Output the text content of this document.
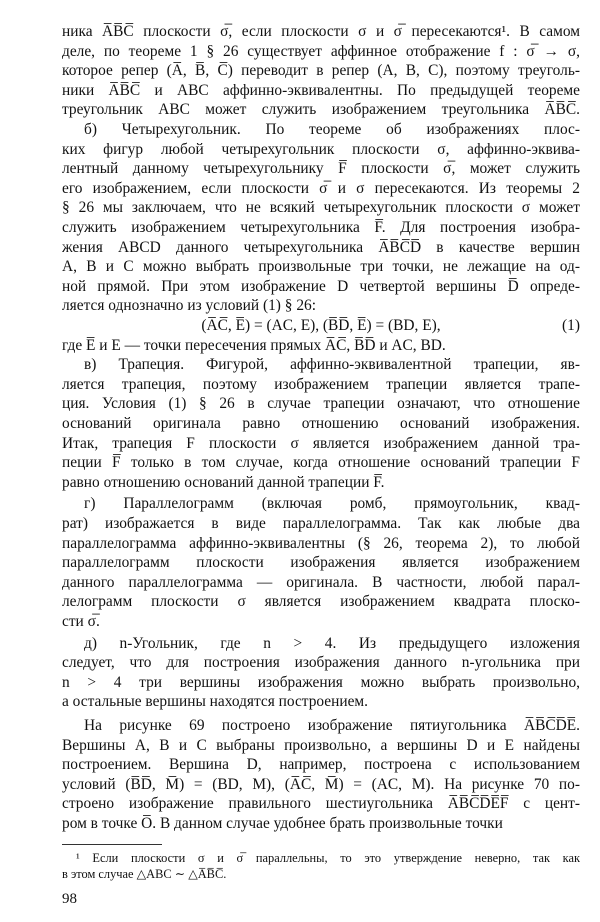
ника A̅B̅C̅ плоскости σ̅, если плоскости σ и σ̅ пересекаются¹. В самом
деле, по теореме 1 § 26 существует аффинное отображение f : σ̅ → σ,
которое репер (A̅, B̅, C̅) переводит в репер (A, B, C), поэтому треуголь-
ники A̅B̅C̅ и ABC аффинно-эквивалентны. По предыдущей теореме
треугольник ABC может служить изображением треугольника A̅B̅C̅.
б) Четырехугольник. По теореме об изображениях плос-
ких фигур любой четырехугольник плоскости σ, аффинно-эквива-
лентный данному четырехугольнику F̅ плоскости σ̅, может служить
его изображением, если плоскости σ̅ и σ пересекаются. Из теоремы 2
§ 26 мы заключаем, что не всякий четырехугольник плоскости σ может
служить изображением четырехугольника F̅. Для построения изобра-
жения ABCD данного четырехугольника A̅B̅C̅D̅ в качестве вершин
A, B и C можно выбрать произвольные три точки, не лежащие на од-
ной прямой. При этом изображение D четвертой вершины D̅ опреде-
ляется однозначно из условий (1) § 26:
(A̅C̅, E̅) = (AC, E), (B̅D̅, E̅) = (BD, E),	(1)
где E̅ и E — точки пересечения прямых A̅C̅, B̅D̅ и AC, BD.
в) Трапеция. Фигурой, аффинно-эквивалентной трапеции, яв-
ляется трапеция, поэтому изображением трапеции является трапе-
ция. Условия (1) § 26 в случае трапеции означают, что отношение
оснований оригинала равно отношению оснований изображения.
Итак, трапеция F плоскости σ является изображением данной тра-
пеции F̅ только в том случае, когда отношение оснований трапеции F
равно отношению оснований данной трапеции F̅.
г) Параллелограмм (включая ромб, прямоугольник, квад-
рат) изображается в виде параллелограмма. Так как любые два
параллелограмма аффинно-эквивалентны (§ 26, теорема 2), то любой
параллелограмм плоскости изображения является изображением
данного параллелограмма — оригинала. В частности, любой парал-
лелограмм плоскости σ является изображением квадрата плоско-
сти σ̅.
д) n-Угольник, где n > 4. Из предыдущего изложения
следует, что для построения изображения данного n-угольника при
n > 4 три вершины изображения можно выбрать произвольно,
а остальные вершины находятся построением.
На рисунке 69 построено изображение пятиугольника A̅B̅C̅D̅E̅.
Вершины A, B и C выбраны произвольно, а вершины D и E найдены
построением. Вершина D, например, построена с использованием
условий (B̅D̅, M̅) = (BD, M), (A̅C̅, M̅) = (AC, M). На рисунке 70 по-
строено изображение правильного шестиугольника A̅B̅C̅D̅E̅F̅ с цент-
ром в точке O̅. В данном случае удобнее брать произвольные точки
¹ Если плоскости σ и σ̅ параллельны, то это утверждение неверно, так как
в этом случае △ABC ∼ △A̅B̅C̅.
98
